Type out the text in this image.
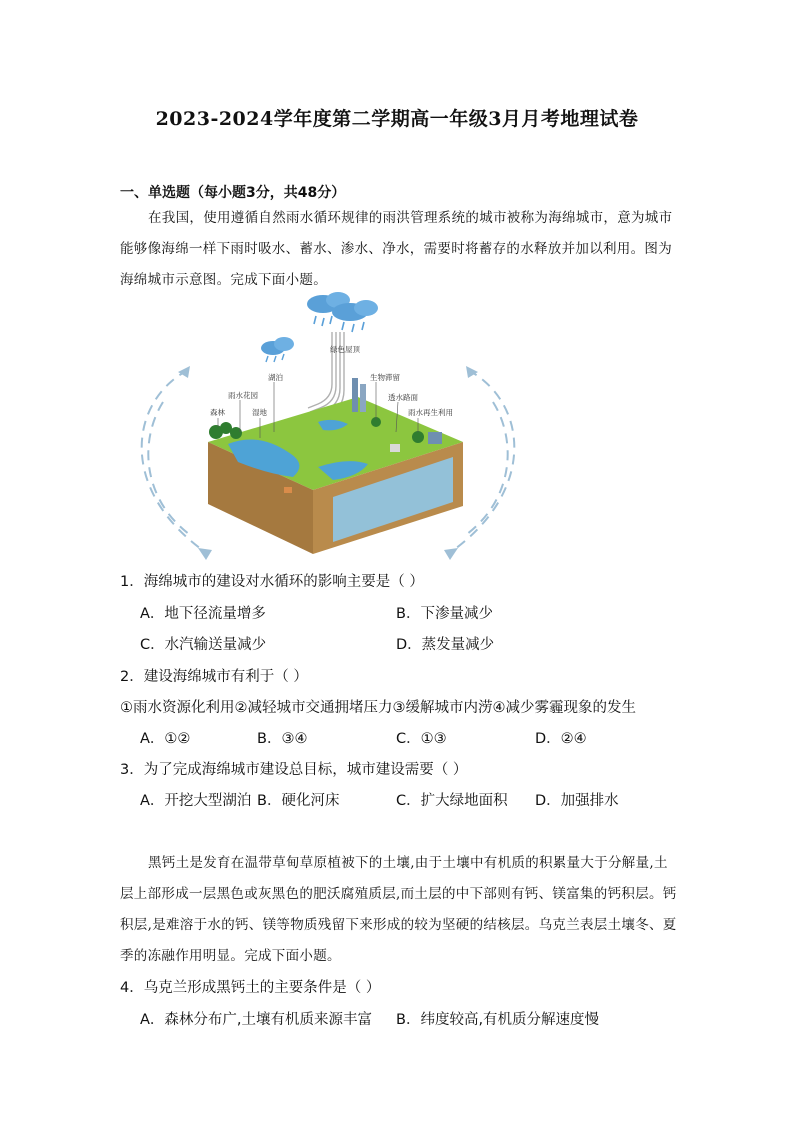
2023-2024学年度第二学期高一年级3月月考地理试卷
一、单选题（每小题3分，共48分）
在我国，使用遵循自然雨水循环规律的雨洪管理系统的城市被称为海绵城市，意为城市能够像海绵一样下雨时吸水、蓄水、渗水、净水，需要时将蓄存的水释放并加以利用。图为海绵城市示意图。完成下面小题。
绿色屋顶
湖泊	生物滞留
透水路面
雨水花园
森林	湿地	雨水再生利用
1．海绵城市的建设对水循环的影响主要是（ ）
A．地下径流量增多	B．下渗量减少
C．水汽输送量减少	D．蒸发量减少
2．建设海绵城市有利于（ ）
①雨水资源化利用②减轻城市交通拥堵压力③缓解城市内涝④减少雾霾现象的发生
A．①②	B．③④	C．①③	D．②④
3．为了完成海绵城市建设总目标，城市建设需要（ ）
A．开挖大型湖泊 B．硬化河床	C．扩大绿地面积 D．加强排水
黑钙土是发育在温带草甸草原植被下的土壤,由于土壤中有机质的积累量大于分解量,土层上部形成一层黑色或灰黑色的肥沃腐殖质层,而土层的中下部则有钙、镁富集的钙积层。钙积层,是难溶于水的钙、镁等物质残留下来形成的较为坚硬的结核层。乌克兰表层土壤冬、夏季的冻融作用明显。完成下面小题。
4．乌克兰形成黑钙土的主要条件是（ ）
A．森林分布广,土壤有机质来源丰富 B．纬度较高,有机质分解速度慢
